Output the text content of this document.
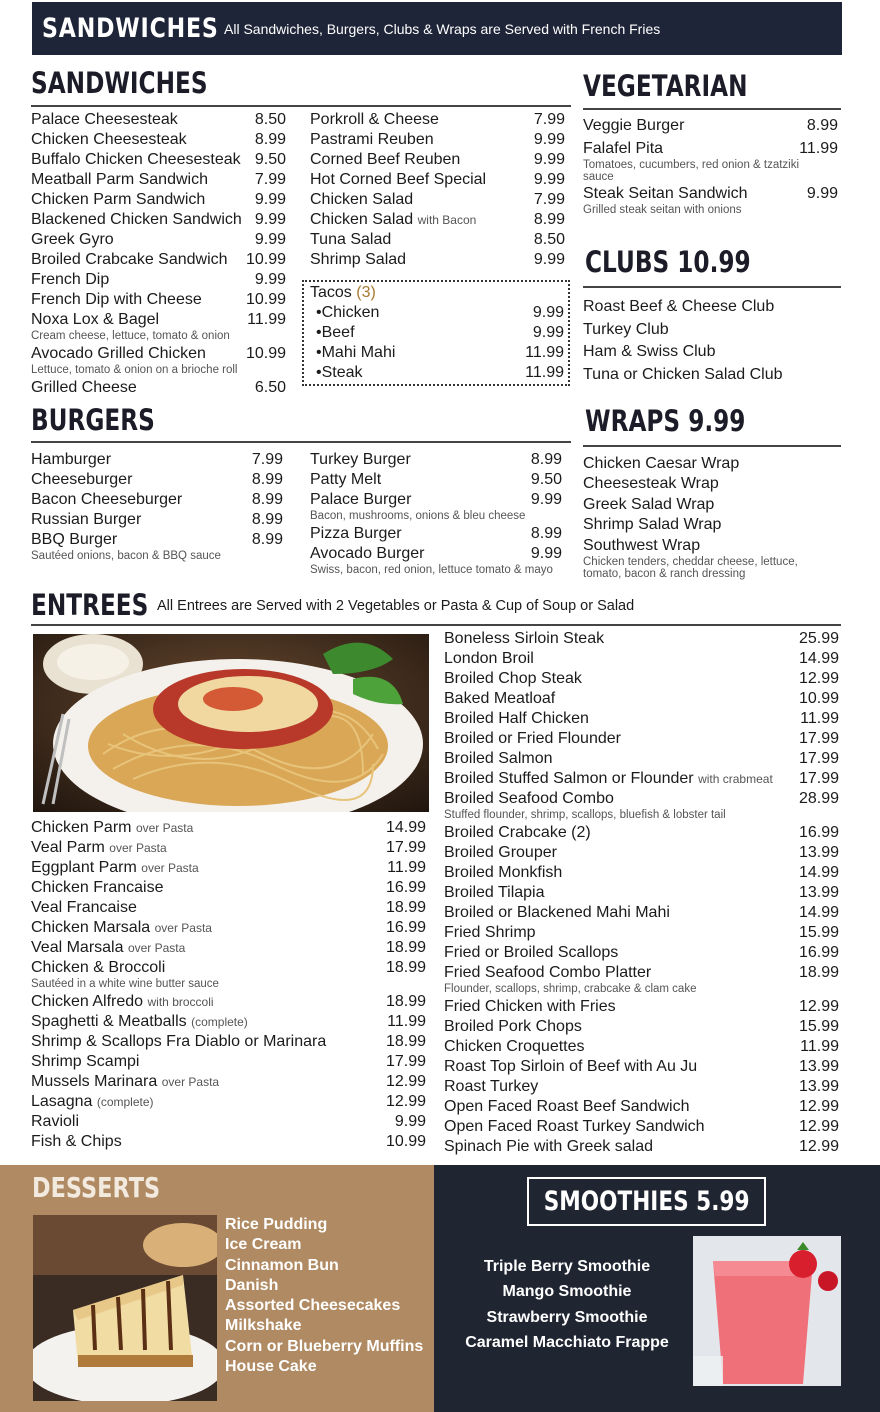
SANDWICHES All Sandwiches, Burgers, Clubs & Wraps are Served with French Fries
SANDWICHES
Palace Cheesesteak	8.50
Chicken Cheesesteak	8.99
Buffalo Chicken Cheesesteak 9.50
Meatball Parm Sandwich	7.99
Chicken Parm Sandwich	9.99
Blackened Chicken Sandwich 9.99
Greek Gyro	9.99
Broiled Crabcake Sandwich 10.99
French Dip	9.99
French Dip with Cheese	10.99
Noxa Lox & Bagel	11.99
Cream cheese, lettuce, tomato & onion
Avocado Grilled Chicken	10.99
Lettuce, tomato & onion on a brioche roll
Grilled Cheese	6.50
Porkroll & Cheese	7.99
Pastrami Reuben	9.99
Corned Beef Reuben	9.99
Hot Corned Beef Special	9.99
Chicken Salad	7.99
Chicken Salad with Bacon	8.99
Tuna Salad	8.50
Shrimp Salad	9.99
Tacos
(3)
•Chicken	9.99
•Beef	9.99
•Mahi Mahi	11.99
•Steak	11.99
VEGETARIAN
Veggie Burger	8.99
Falafel Pita	11.99
Tomatoes, cucumbers, red onion & tzatziki
sauce
Steak Seitan Sandwich	9.99
Grilled steak seitan with onions
CLUBS 10.99
Roast Beef & Cheese Club
Turkey Club
Ham & Swiss Club
Tuna or Chicken Salad Club
BURGERS
Hamburger	7.99
Cheeseburger	8.99
Bacon Cheeseburger	8.99
Russian Burger	8.99
BBQ Burger	8.99
Sautéed onions, bacon & BBQ sauce
Turkey Burger	8.99
Patty Melt	9.50
Palace Burger	9.99
Bacon, mushrooms, onions & bleu cheese
Pizza Burger	8.99
Avocado Burger	9.99
Swiss, bacon, red onion, lettuce tomato & mayo
WRAPS 9.99
Chicken Caesar Wrap
Cheesesteak Wrap
Greek Salad Wrap
Shrimp Salad Wrap
Southwest Wrap
Chicken tenders, cheddar cheese, lettuce,
tomato, bacon & ranch dressing
ENTREES All Entrees are Served with 2 Vegetables or Pasta & Cup of Soup or Salad
Chicken Parm over Pasta	14.99
Veal Parm over Pasta	17.99
Eggplant Parm over Pasta	11.99
Chicken Francaise	16.99
Veal Francaise	18.99
Chicken Marsala over Pasta	16.99
Veal Marsala over Pasta	18.99
Chicken & Broccoli	18.99
Sautéed in a white wine butter sauce
Chicken Alfredo with broccoli	18.99
Spaghetti & Meatballs (complete)	11.99
Shrimp & Scallops Fra Diablo or Marinara	18.99
Shrimp Scampi	17.99
Mussels Marinara over Pasta	12.99
Lasagna (complete)	12.99
Ravioli	9.99
Fish & Chips	10.99
Boneless Sirloin Steak	25.99
London Broil	14.99
Broiled Chop Steak	12.99
Baked Meatloaf	10.99
Broiled Half Chicken	11.99
Broiled or Fried Flounder	17.99
Broiled Salmon	17.99
Broiled Stuffed Salmon or Flounder with crabmeat 17.99
Broiled Seafood Combo	28.99
Stuffed flounder, shrimp, scallops, bluefish & lobster tail
Broiled Crabcake (2)	16.99
Broiled Grouper	13.99
Broiled Monkfish	14.99
Broiled Tilapia	13.99
Broiled or Blackened Mahi Mahi	14.99
Fried Shrimp	15.99
Fried or Broiled Scallops	16.99
Fried Seafood Combo Platter	18.99
Flounder, scallops, shrimp, crabcake & clam cake
Fried Chicken with Fries	12.99
Broiled Pork Chops	15.99
Chicken Croquettes	11.99
Roast Top Sirloin of Beef with Au Ju	13.99
Roast Turkey	13.99
Open Faced Roast Beef Sandwich	12.99
Open Faced Roast Turkey Sandwich	12.99
Spinach Pie with Greek salad	12.99
DESSERTS
Rice Pudding
Ice Cream
Cinnamon Bun
Danish
Assorted Cheesecakes
Milkshake
Corn or Blueberry Muffins
House Cake
SMOOTHIES 5.99
Triple Berry Smoothie
Mango Smoothie
Strawberry Smoothie
Caramel Macchiato Frappe
